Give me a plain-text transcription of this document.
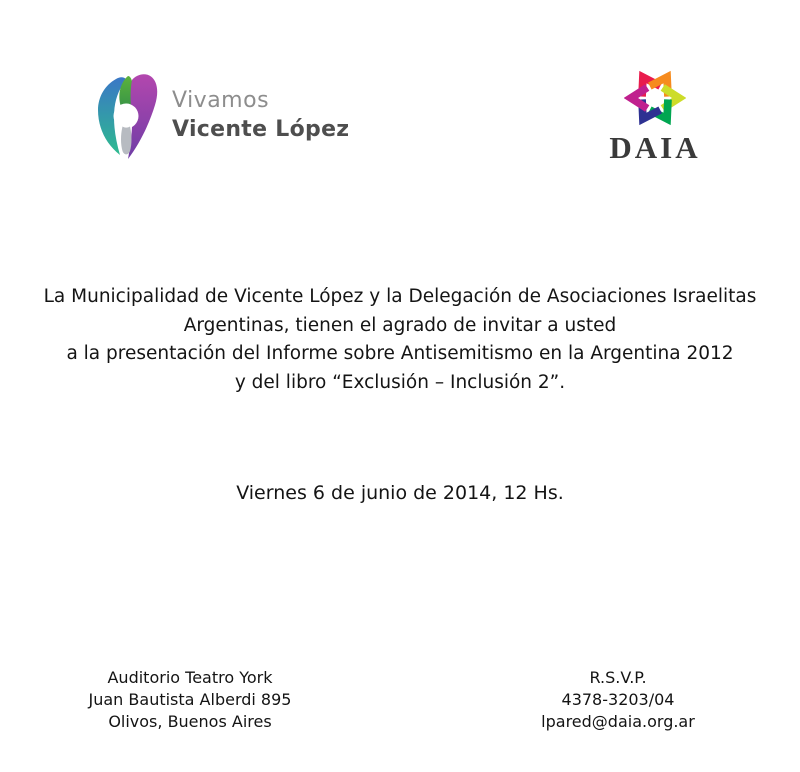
Vivamos
Vicente López
DAIA
La Municipalidad de Vicente López y la Delegación de Asociaciones Israelitas
Argentinas, tienen el agrado de invitar a usted
a la presentación del Informe sobre Antisemitismo en la Argentina 2012
y del libro “Exclusión – Inclusión 2”.
Viernes 6 de junio de 2014, 12 Hs.
Auditorio Teatro York
Juan Bautista Alberdi 895
Olivos, Buenos Aires
R.S.V.P.
4378-3203/04
lpared@daia.org.ar
